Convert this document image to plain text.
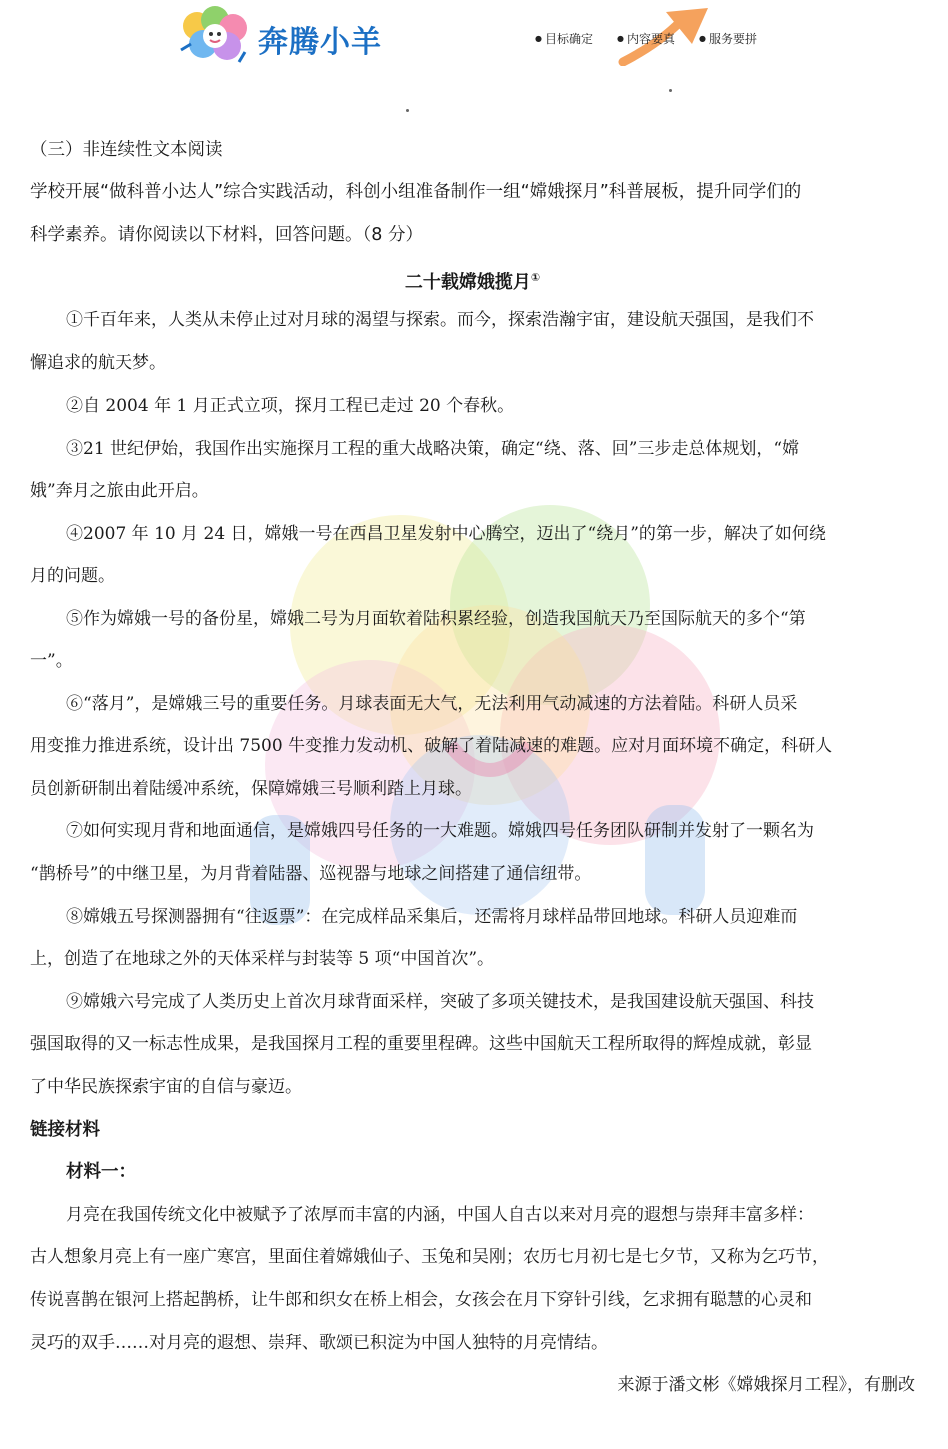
奔腾小羊	● 目标确定	● 内容要真	● 服务要拼
（三）非连续性文本阅读
学校开展“做科普小达人”综合实践活动，科创小组准备制作一组“嫦娥探月”科普展板，提升同学们的
科学素养。请你阅读以下材料，回答问题。（8 分）
二十载嫦娥揽月①
①千百年来，人类从未停止过对月球的渴望与探索。而今，探索浩瀚宇宙，建设航天强国，是我们不
懈追求的航天梦。
②自 2004 年 1 月正式立项，探月工程已走过 20 个春秋。
③21 世纪伊始，我国作出实施探月工程的重大战略决策，确定“绕、落、回”三步走总体规划，“嫦
娥”奔月之旅由此开启。
④2007 年 10 月 24 日，嫦娥一号在西昌卫星发射中心腾空，迈出了“绕月”的第一步，解决了如何绕
月的问题。
⑤作为嫦娥一号的备份星，嫦娥二号为月面软着陆积累经验，创造我国航天乃至国际航天的多个“第
一”。
⑥“落月”，是嫦娥三号的重要任务。月球表面无大气，无法利用气动减速的方法着陆。科研人员采
用变推力推进系统，设计出 7500 牛变推力发动机、破解了着陆减速的难题。应对月面环境不确定，科研人
员创新研制出着陆缓冲系统，保障嫦娥三号顺利踏上月球。
⑦如何实现月背和地面通信，是嫦娥四号任务的一大难题。嫦娥四号任务团队研制并发射了一颗名为
“鹊桥号”的中继卫星，为月背着陆器、巡视器与地球之间搭建了通信纽带。
⑧嫦娥五号探测器拥有“往返票”：在完成样品采集后，还需将月球样品带回地球。科研人员迎难而
上，创造了在地球之外的天体采样与封装等 5 项“中国首次”。
⑨嫦娥六号完成了人类历史上首次月球背面采样，突破了多项关键技术，是我国建设航天强国、科技
强国取得的又一标志性成果，是我国探月工程的重要里程碑。这些中国航天工程所取得的辉煌成就，彰显
了中华民族探索宇宙的自信与豪迈。
链接材料
材料一：
月亮在我国传统文化中被赋予了浓厚而丰富的内涵，中国人自古以来对月亮的遐想与崇拜丰富多样：
古人想象月亮上有一座广寒宫，里面住着嫦娥仙子、玉兔和吴刚；农历七月初七是七夕节，又称为乞巧节，
传说喜鹊在银河上搭起鹊桥，让牛郎和织女在桥上相会，女孩会在月下穿针引线，乞求拥有聪慧的心灵和
灵巧的双手……对月亮的遐想、崇拜、歌颂已积淀为中国人独特的月亮情结。
来源于潘文彬《嫦娥探月工程》，有删改
